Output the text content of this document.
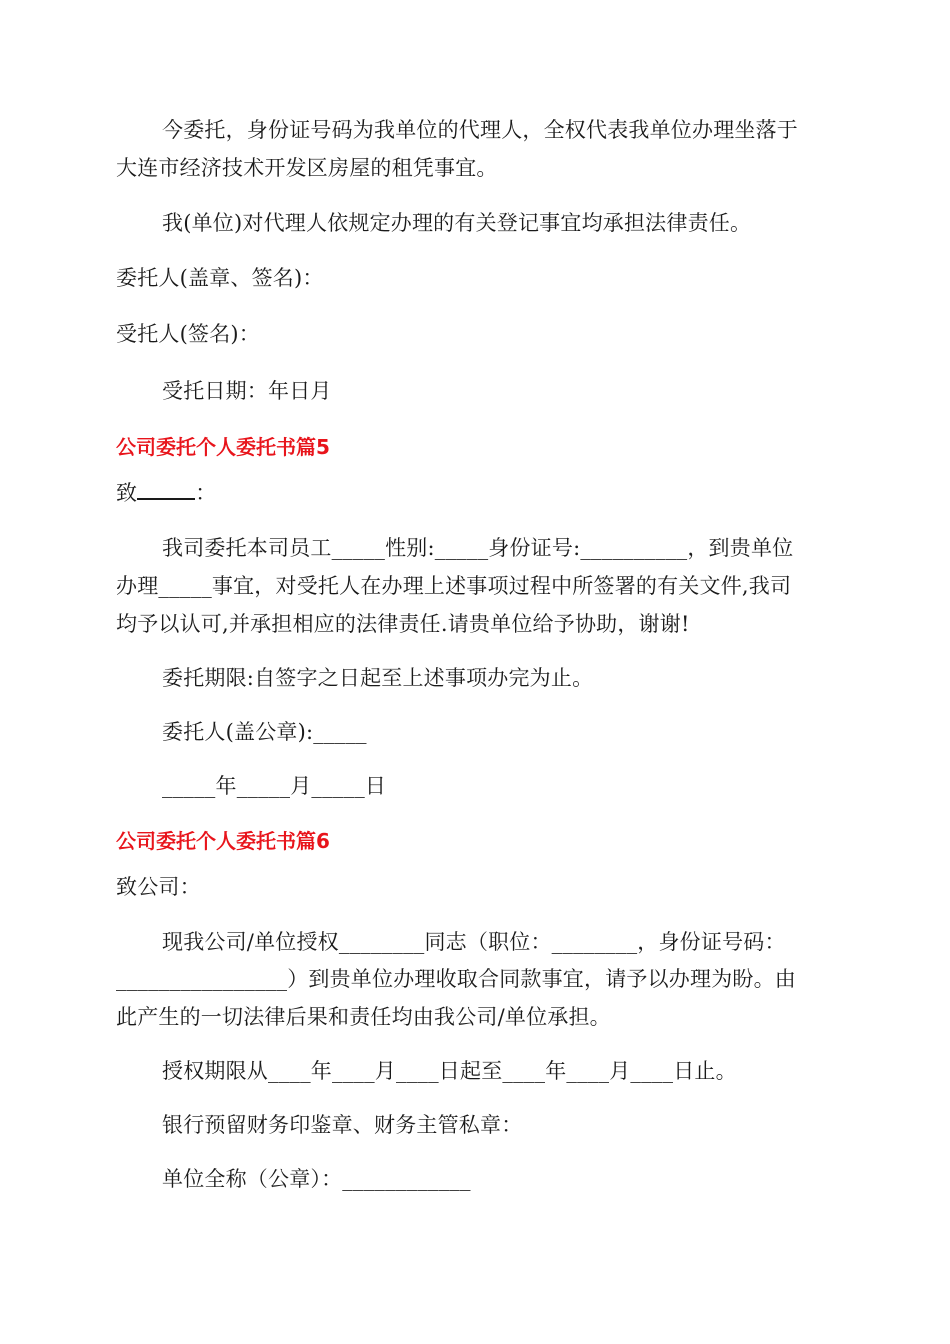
今委托，身份证号码为我单位的代理人，全权代表我单位办理坐落于
大连市经济技术开发区房屋的租凭事宜。
我(单位)对代理人依规定办理的有关登记事宜均承担法律责任。
委托人(盖章、签名)：
受托人(签名)：
受托日期：年日月
公司委托个人委托书篇5
致	：
我司委托本司员工_____性别:_____身份证号:__________，到贵单位
办理_____事宜，对受托人在办理上述事项过程中所签署的有关文件,我司
均予以认可,并承担相应的法律责任.请贵单位给予协助，谢谢!
委托期限:自签字之日起至上述事项办完为止。
委托人(盖公章):_____
_____年_____月_____日
公司委托个人委托书篇6
致公司：
现我公司/单位授权________同志（职位：________，身份证号码：
________________）到贵单位办理收取合同款事宜，请予以办理为盼。由
此产生的一切法律后果和责任均由我公司/单位承担。
授权期限从____年____月____日起至____年____月____日止。
银行预留财务印鉴章、财务主管私章：
单位全称（公章）：____________
